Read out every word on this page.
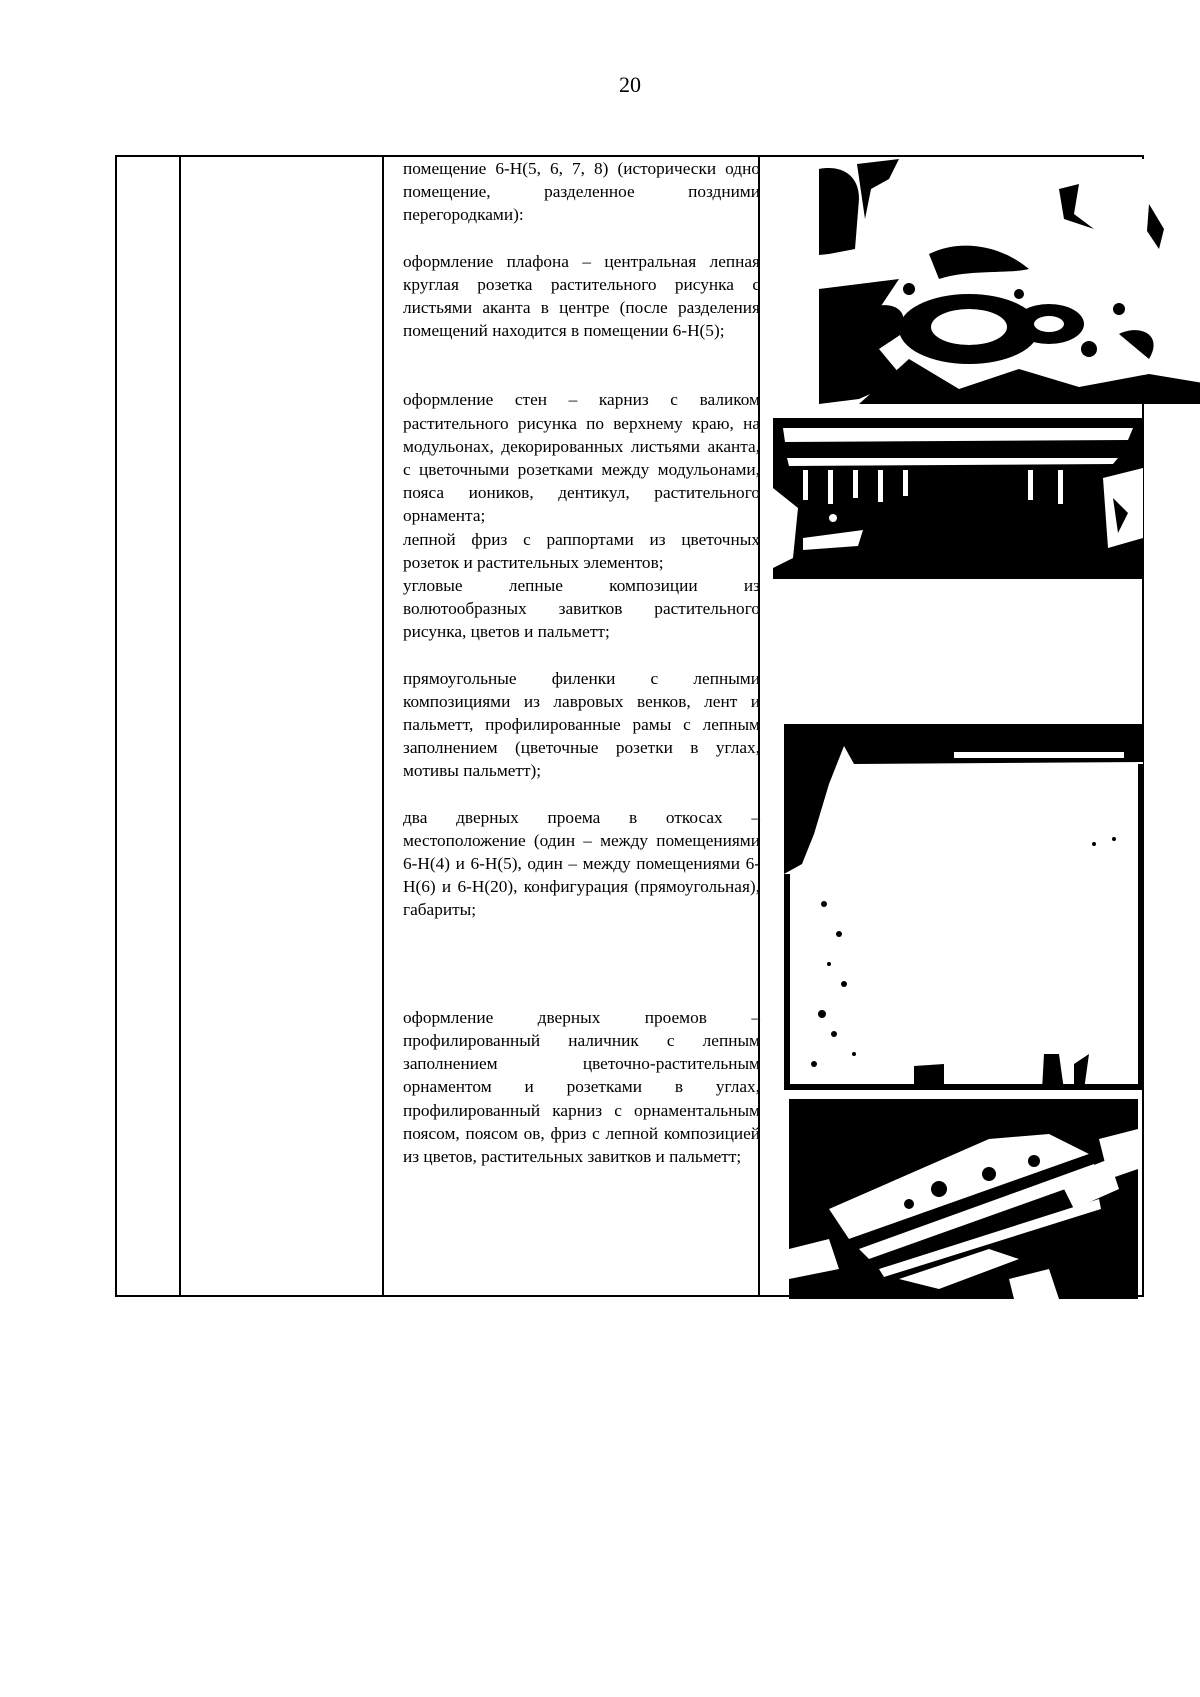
20

помещение 6-Н(5, 6, 7, 8) (исторически одно помещение, разделенное поздними перегородками):

оформление плафона – центральная лепная круглая розетка растительного рисунка с листьями аканта в центре (после разделения помещений находится в помещении 6-Н(5);

оформление стен – карниз с валиком растительного рисунка по верхнему краю, на модульонах, декорированных листьями аканта, с цветочными розетками между модульонами, пояса иоников, дентикул, растительного орнамента;

лепной фриз с раппортами из цветочных розеток и растительных элементов;

угловые лепные композиции из волютообразных завитков растительного рисунка, цветов и пальметт;

прямоугольные филенки с лепными композициями из лавровых венков, лент и пальметт, профилированные рамы с лепным заполнением (цветочные розетки в углах, мотивы пальметт);

два дверных проема в откосах – местоположение (один – между помещениями 6-Н(4) и 6-Н(5), один – между помещениями 6-Н(6) и 6-Н(20), конфигурация (прямоугольная), габариты;

оформление дверных проемов – профилированный наличник с лепным заполнением цветочно-растительным орнаментом и розетками в углах, профилированный карниз с орнаментальным поясом, поясом ов, фриз с лепной композицией из цветов, растительных завитков и пальметт;
